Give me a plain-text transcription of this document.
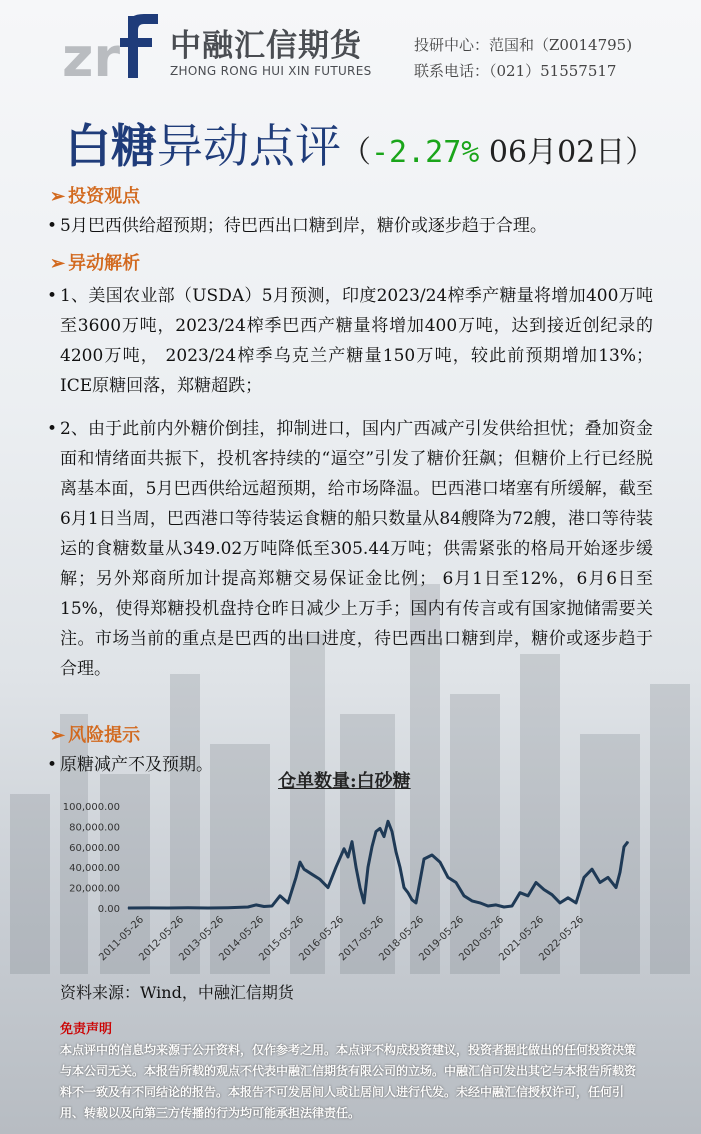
zr 中融汇信期货
ZHONG RONG HUI XIN FUTURES
投研中心：范国和（Z0014795)
联系电话：（021）51557517
白糖异动点评（-2.27% 06月02日）
➢ 投资观点
• 5月巴西供给超预期；待巴西出口糖到岸，糖价或逐步趋于合理。
➢ 异动解析
• 1、美国农业部（USDA）5月预测，印度2023/24榨季产糖量将增加400万吨至3600万吨，2023/24榨季巴西产糖量将增加400万吨，达到接近创纪录的4200万吨， 2023/24榨季乌克兰产糖量150万吨，较此前预期增加13%；ICE原糖回落，郑糖超跌；
• 2、由于此前内外糖价倒挂，抑制进口，国内广西减产引发供给担忧；叠加资金面和情绪面共振下，投机客持续的“逼空”引发了糖价狂飙；但糖价上行已经脱离基本面，5月巴西供给远超预期，给市场降温。巴西港口堵塞有所缓解，截至6月1日当周，巴西港口等待装运食糖的船只数量从84艘降为72艘，港口等待装运的食糖数量从349.02万吨降低至305.44万吨；供需紧张的格局开始逐步缓解；另外郑商所加计提高郑糖交易保证金比例； 6月1日至12%，6月6日至15%，使得郑糖投机盘持仓昨日减少上万手；国内有传言或有国家抛储需要关注。市场当前的重点是巴西的出口进度，待巴西出口糖到岸，糖价或逐步趋于合理。
➢ 风险提示
• 原糖减产不及预期。
仓单数量:白砂糖
100,000.00
80,000.00
60,000.00
40,000.00
20,000.00
0.00
2011-05-26
2012-05-26
2013-05-26
2014-05-26
2015-05-26
2016-05-26
2017-05-26
2018-05-26
2019-05-26
2020-05-26
2021-05-26
2022-05-26
资料来源：Wind，中融汇信期货
免责声明
本点评中的信息均来源于公开资料，仅作参考之用。本点评不构成投资建议，投资者据此做出的任何投资决策与本公司无关。本报告所载的观点不代表中融汇信期货有限公司的立场。中融汇信可发出其它与本报告所载资料不一致及有不同结论的报告。本报告不可发居间人或让居间人进行代发。未经中融汇信授权许可，任何引用、转载以及向第三方传播的行为均可能承担法律责任。
